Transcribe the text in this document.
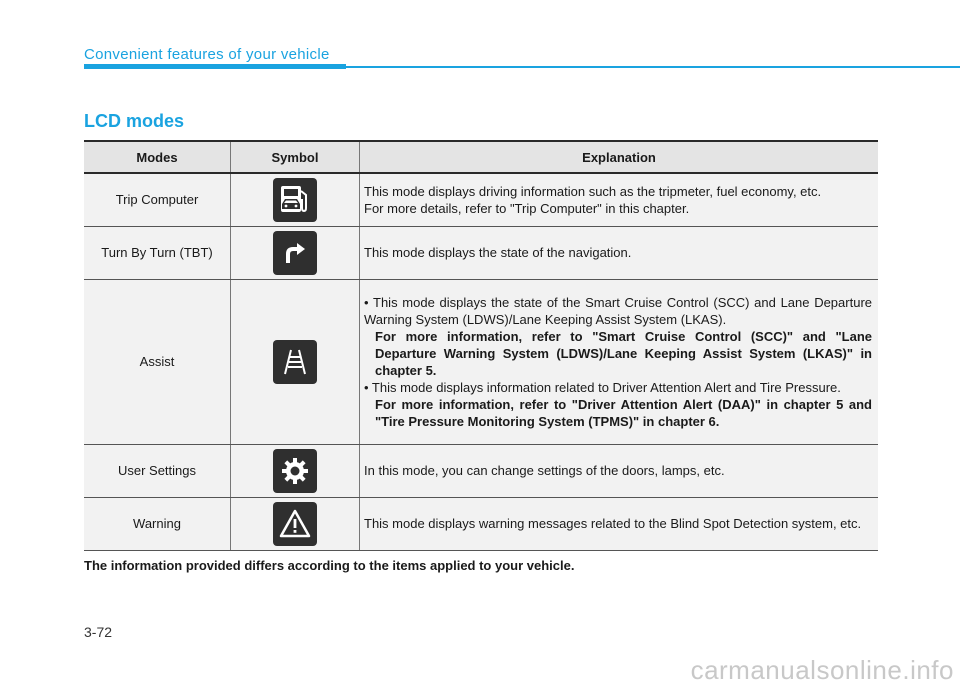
Convenient features of your vehicle
LCD modes
Modes	Symbol	Explanation
Trip Computer		This mode displays driving information such as the tripmeter, fuel economy, etc.
For more details, refer to "Trip Computer" in this chapter.

Turn By Turn (TBT)		This mode displays the state of the navigation.

Assist		• This mode displays the state of the Smart Cruise Control (SCC) and Lane Departure Warning System (LDWS)/Lane Keeping Assist System (LKAS).

For more information, refer to "Smart Cruise Control (SCC)" and "Lane Departure Warning System (LDWS)/Lane Keeping Assist System (LKAS)" in chapter 5.

• This mode displays information related to Driver Attention Alert and Tire Pressure.

For more information, refer to "Driver Attention Alert (DAA)" in chapter 5 and "Tire Pressure Monitoring System (TPMS)" in chapter 6.

User Settings		In this mode, you can change settings of the doors, lamps, etc.

Warning		This mode displays warning messages related to the Blind Spot Detection system, etc.
The information provided differs according to the items applied to your vehicle.
3-72
carmanualsonline.info
